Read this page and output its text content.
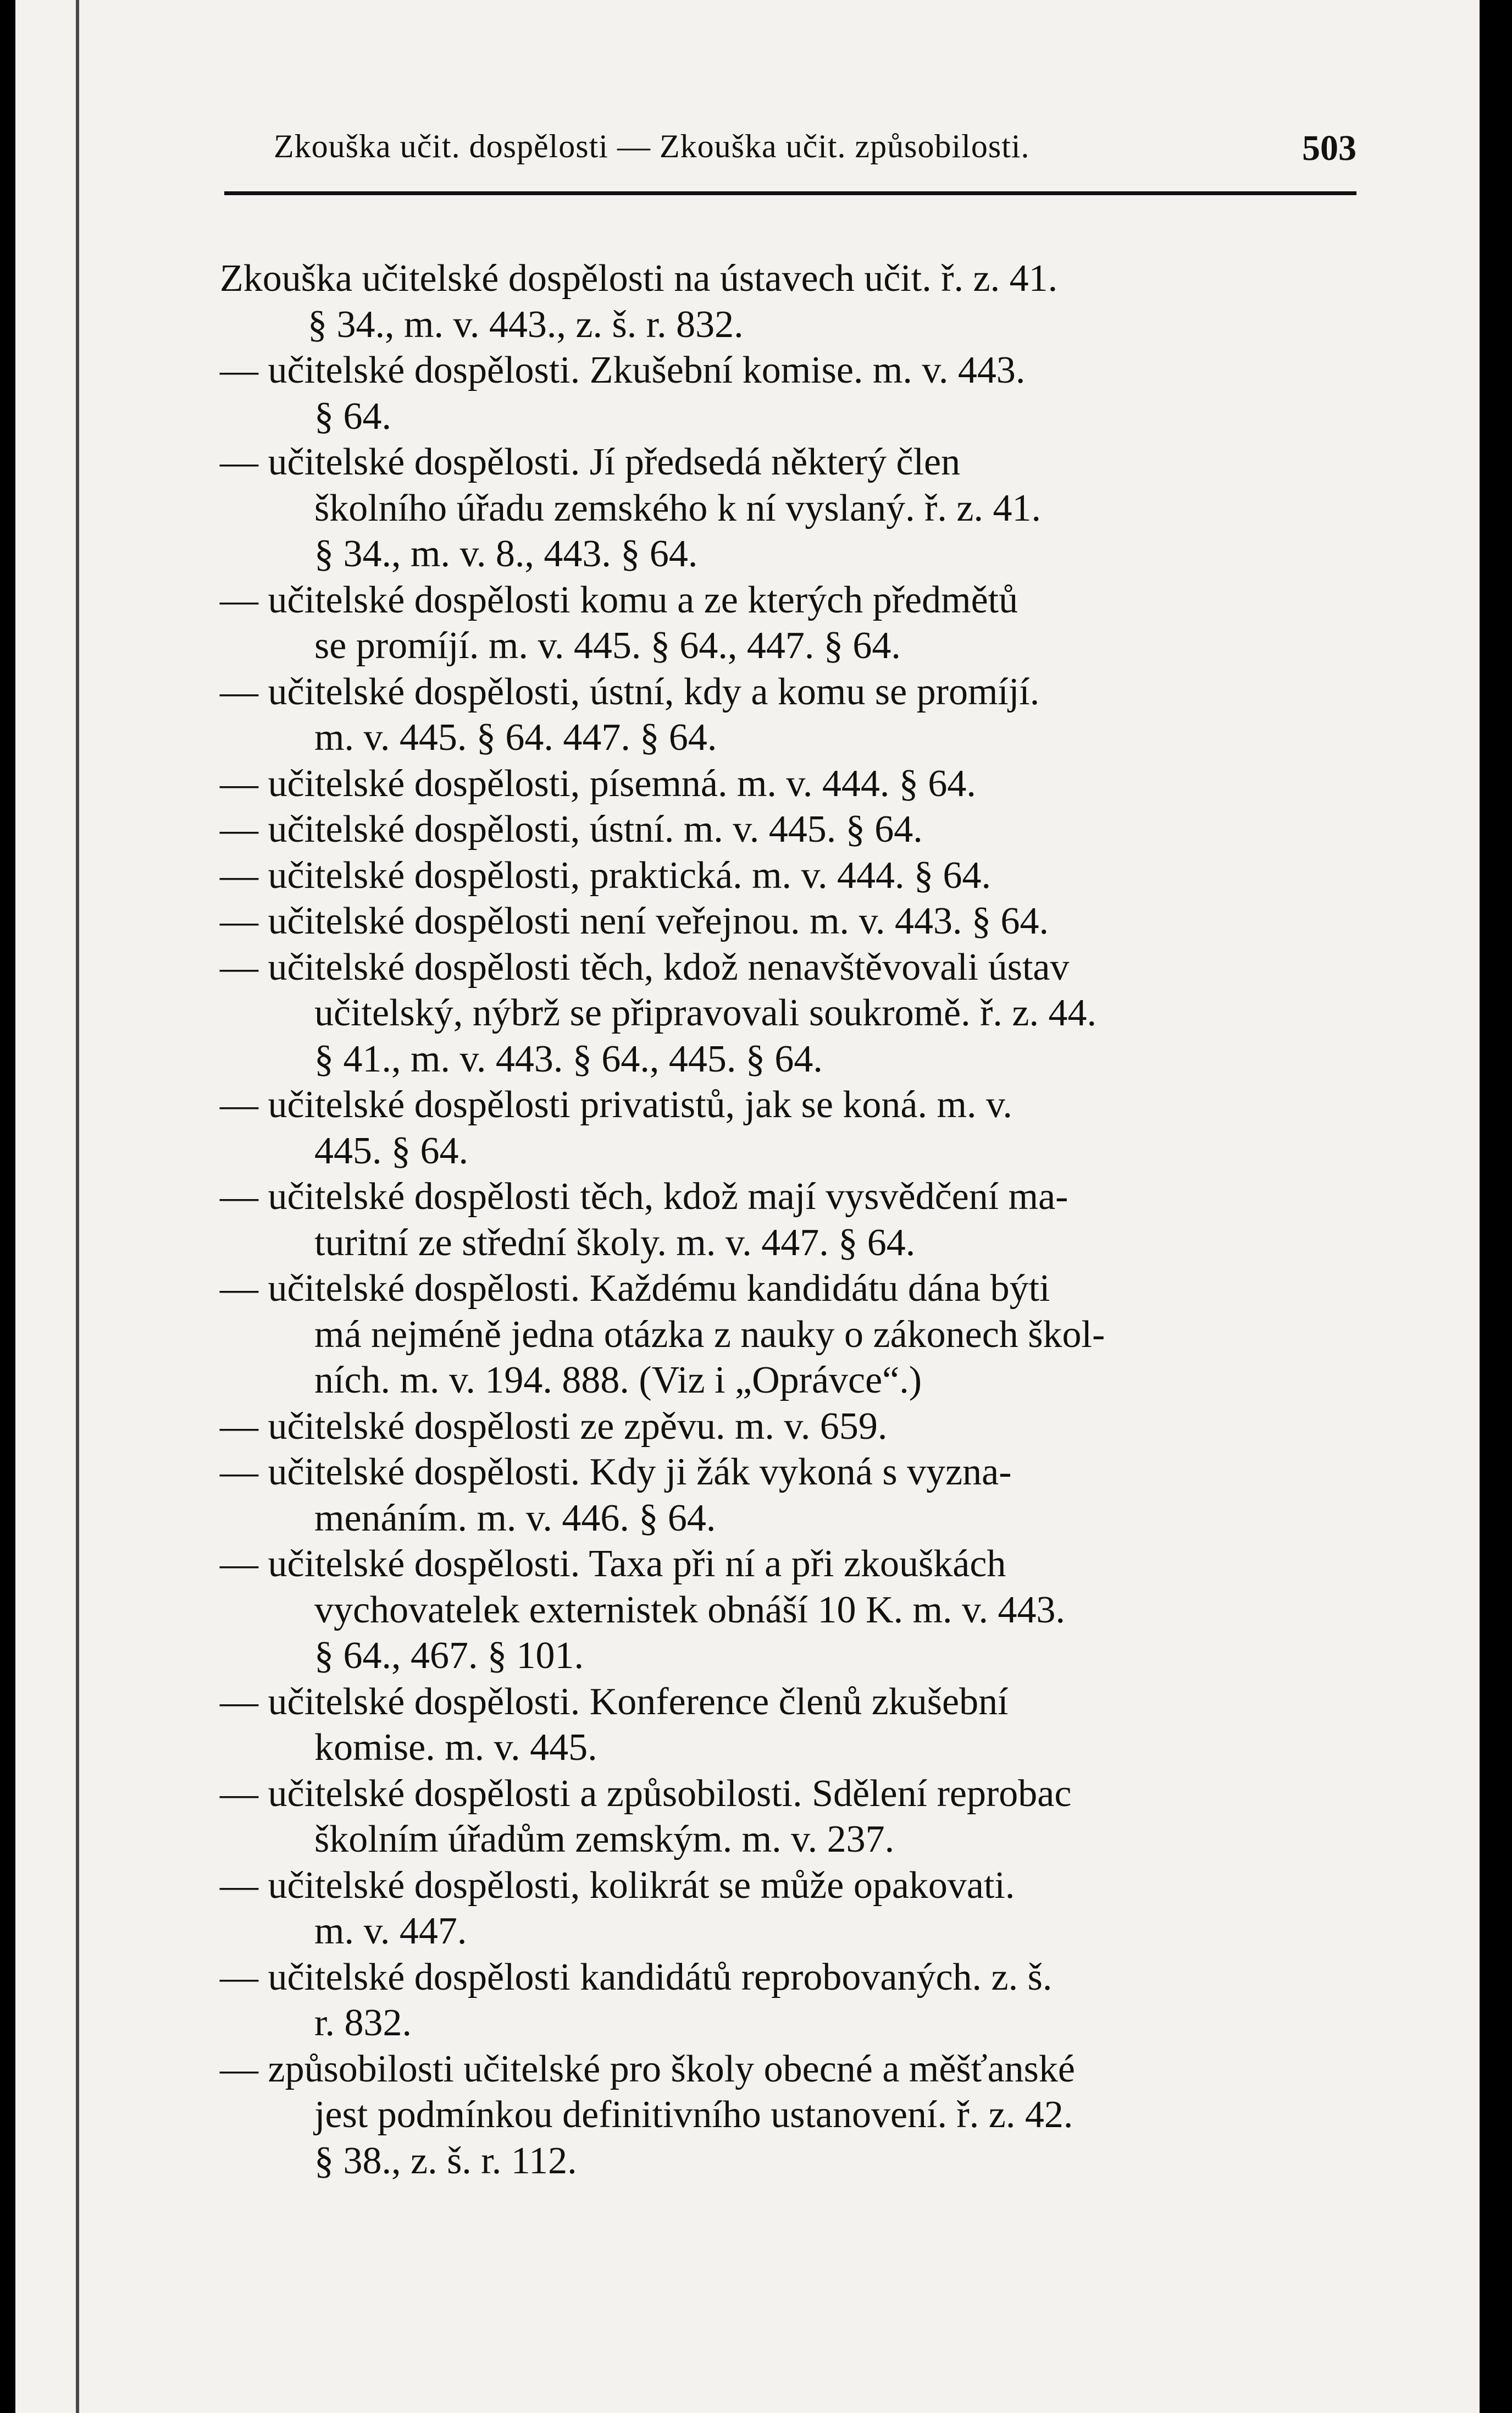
Zkouška učit. dospělosti — Zkouška učit. způsobilosti.	503

Zkouška učitelské dospělosti na ústavech učit. ř. z. 41.
§ 34., m. v. 443., z. š. r. 832.

— učitelské dospělosti. Zkušební komise. m. v. 443.
§ 64.

— učitelské dospělosti. Jí předsedá některý člen
školního úřadu zemského k ní vyslaný. ř. z. 41.
§ 34., m. v. 8., 443. § 64.

— učitelské dospělosti komu a ze kterých předmětů
se promíjí. m. v. 445. § 64., 447. § 64.

— učitelské dospělosti, ústní, kdy a komu se promíjí.
m. v. 445. § 64. 447. § 64.

— učitelské dospělosti, písemná. m. v. 444. § 64.

— učitelské dospělosti, ústní. m. v. 445. § 64.

— učitelské dospělosti, praktická. m. v. 444. § 64.

— učitelské dospělosti není veřejnou. m. v. 443. § 64.

— učitelské dospělosti těch, kdož nenavštěvovali ústav
učitelský, nýbrž se připravovali soukromě. ř. z. 44.
§ 41., m. v. 443. § 64., 445. § 64.

— učitelské dospělosti privatistů, jak se koná. m. v.
445. § 64.

— učitelské dospělosti těch, kdož mají vysvědčení ma-
turitní ze střední školy. m. v. 447. § 64.

— učitelské dospělosti. Každému kandidátu dána býti
má nejméně jedna otázka z nauky o zákonech škol-
ních. m. v. 194. 888. (Viz i „Oprávce“.)

— učitelské dospělosti ze zpěvu. m. v. 659.

— učitelské dospělosti. Kdy ji žák vykoná s vyzna-
menáním. m. v. 446. § 64.

— učitelské dospělosti. Taxa při ní a při zkouškách
vychovatelek externistek obnáší 10 K. m. v. 443.
§ 64., 467. § 101.

— učitelské dospělosti. Konference členů zkušební
komise. m. v. 445.

— učitelské dospělosti a způsobilosti. Sdělení reprobac
školním úřadům zemským. m. v. 237.

— učitelské dospělosti, kolikrát se může opakovati.
m. v. 447.

— učitelské dospělosti kandidátů reprobovaných. z. š.
r. 832.

— způsobilosti učitelské pro školy obecné a měšťanské
jest podmínkou definitivního ustanovení. ř. z. 42.
§ 38., z. š. r. 112.
